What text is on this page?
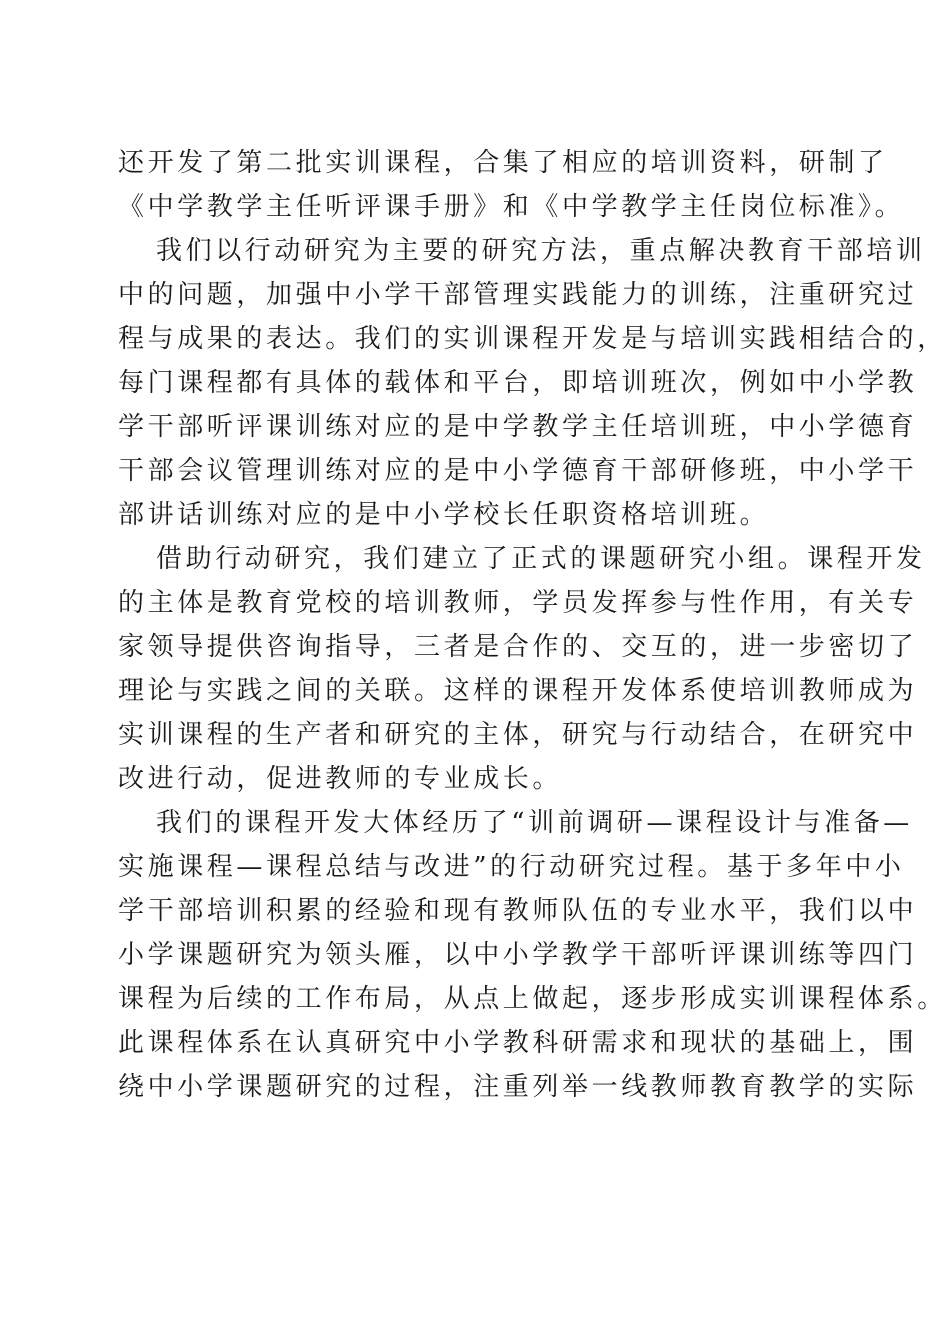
还开发了第二批实训课程，合集了相应的培训资料，研制了
《中学教学主任听评课手册》和《中学教学主任岗位标准》。
我们以行动研究为主要的研究方法，重点解决教育干部培训
中的问题，加强中小学干部管理实践能力的训练，注重研究过
程与成果的表达。我们的实训课程开发是与培训实践相结合的，
每门课程都有具体的载体和平台，即培训班次，例如中小学教
学干部听评课训练对应的是中学教学主任培训班，中小学德育
干部会议管理训练对应的是中小学德育干部研修班，中小学干
部讲话训练对应的是中小学校长任职资格培训班。
借助行动研究，我们建立了正式的课题研究小组。课程开发
的主体是教育党校的培训教师，学员发挥参与性作用，有关专
家领导提供咨询指导，三者是合作的、交互的，进一步密切了
理论与实践之间的关联。这样的课程开发体系使培训教师成为
实训课程的生产者和研究的主体，研究与行动结合，在研究中
改进行动，促进教师的专业成长。
我们的课程开发大体经历了“训前调研—课程设计与准备—
实施课程—课程总结与改进”的行动研究过程。基于多年中小
学干部培训积累的经验和现有教师队伍的专业水平，我们以中
小学课题研究为领头雁，以中小学教学干部听评课训练等四门
课程为后续的工作布局，从点上做起，逐步形成实训课程体系。
此课程体系在认真研究中小学教科研需求和现状的基础上，围
绕中小学课题研究的过程，注重列举一线教师教育教学的实际
